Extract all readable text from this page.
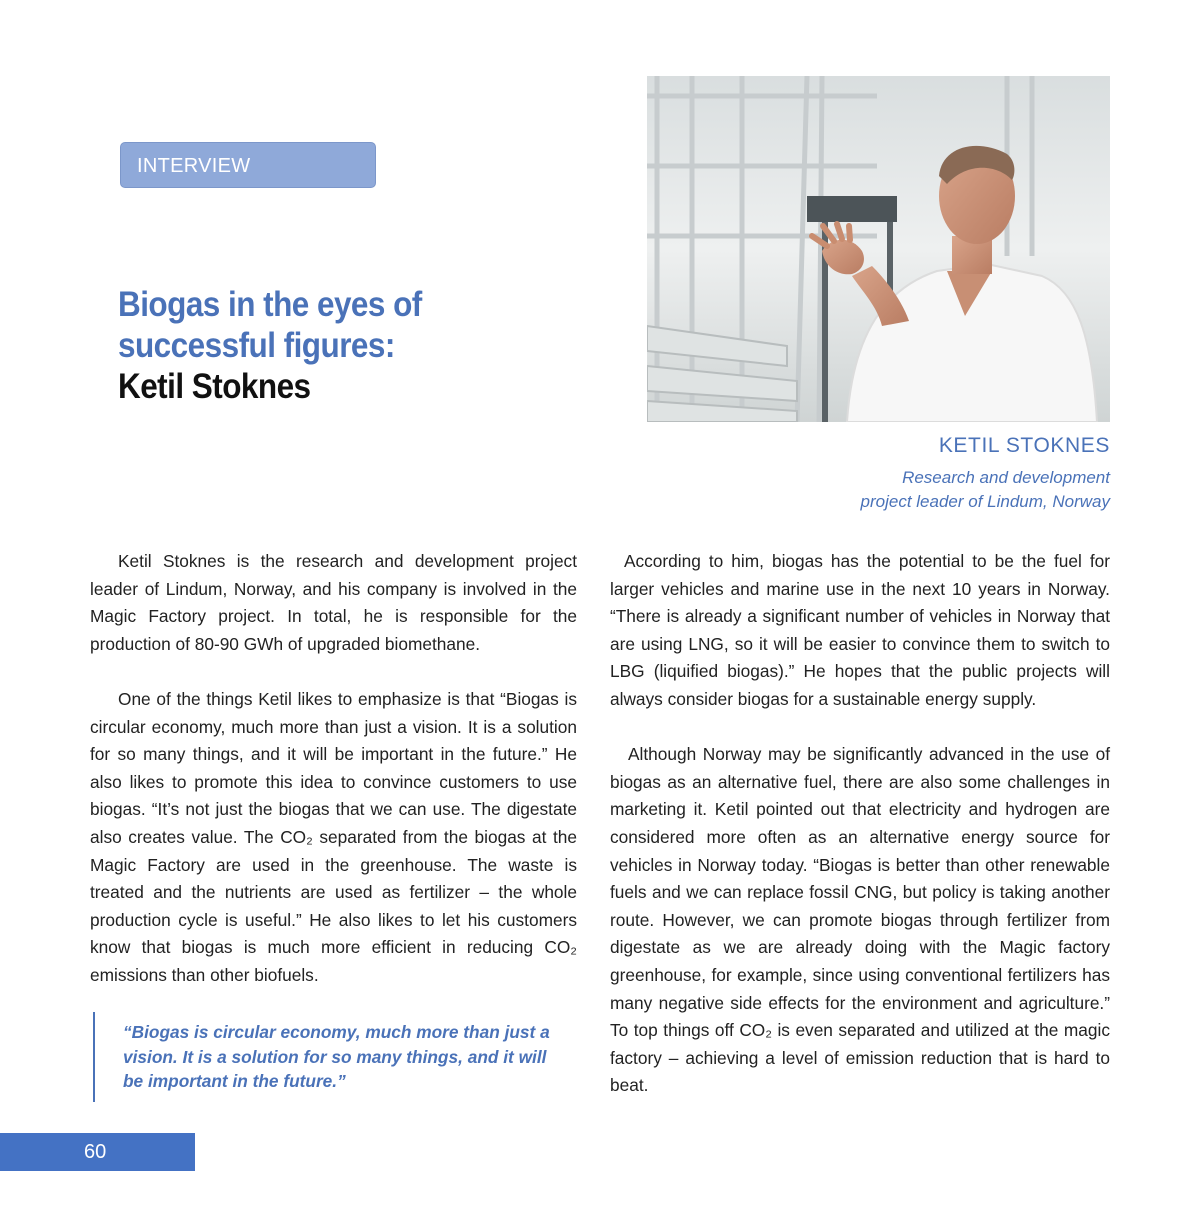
INTERVIEW
Biogas in the eyes of
successful figures:
Ketil Stoknes
KETIL STOKNES
Research and development
project leader of Lindum, Norway

Ketil Stoknes is the research and development project leader of Lindum, Norway, and his company is involved in the Magic Factory project. In total, he is responsible for the production of 80-90 GWh of upgraded biomethane.

One of the things Ketil likes to emphasize is that “Biogas is circular economy, much more than just a vision. It is a solution for so many things, and it will be important in the future.” He also likes to promote this idea to convince customers to use biogas. “It’s not just the biogas that we can use. The digestate also creates value. The CO₂ separated from the biogas at the Magic Factory are used in the greenhouse. The waste is treated and the nutrients are used as fertilizer – the whole production cycle is useful.” He also likes to let his customers know that biogas is much more efficient in reducing CO₂ emissions than other biofuels.

“Biogas is circular economy, much more than just a vision. It is a solution for so many things, and it will be important in the future.”

According to him, biogas has the potential to be the fuel for larger vehicles and marine use in the next 10 years in Norway. “There is already a significant number of vehicles in Norway that are using LNG, so it will be easier to convince them to switch to LBG (liquified biogas).” He hopes that the public projects will always consider biogas for a sustainable energy supply.

Although Norway may be significantly advanced in the use of biogas as an alternative fuel, there are also some challenges in marketing it. Ketil pointed out that electricity and hydrogen are considered more often as an alternative energy source for vehicles in Norway today. “Biogas is better than other renewable fuels and we can replace fossil CNG, but policy is taking another route. However, we can promote biogas through fertilizer from digestate as we are already doing with the Magic factory greenhouse, for example, since using conventional fertilizers has many negative side effects for the environment and agriculture.” To top things off CO₂ is even separated and utilized at the magic factory – achieving a level of emission reduction that is hard to beat.

60
